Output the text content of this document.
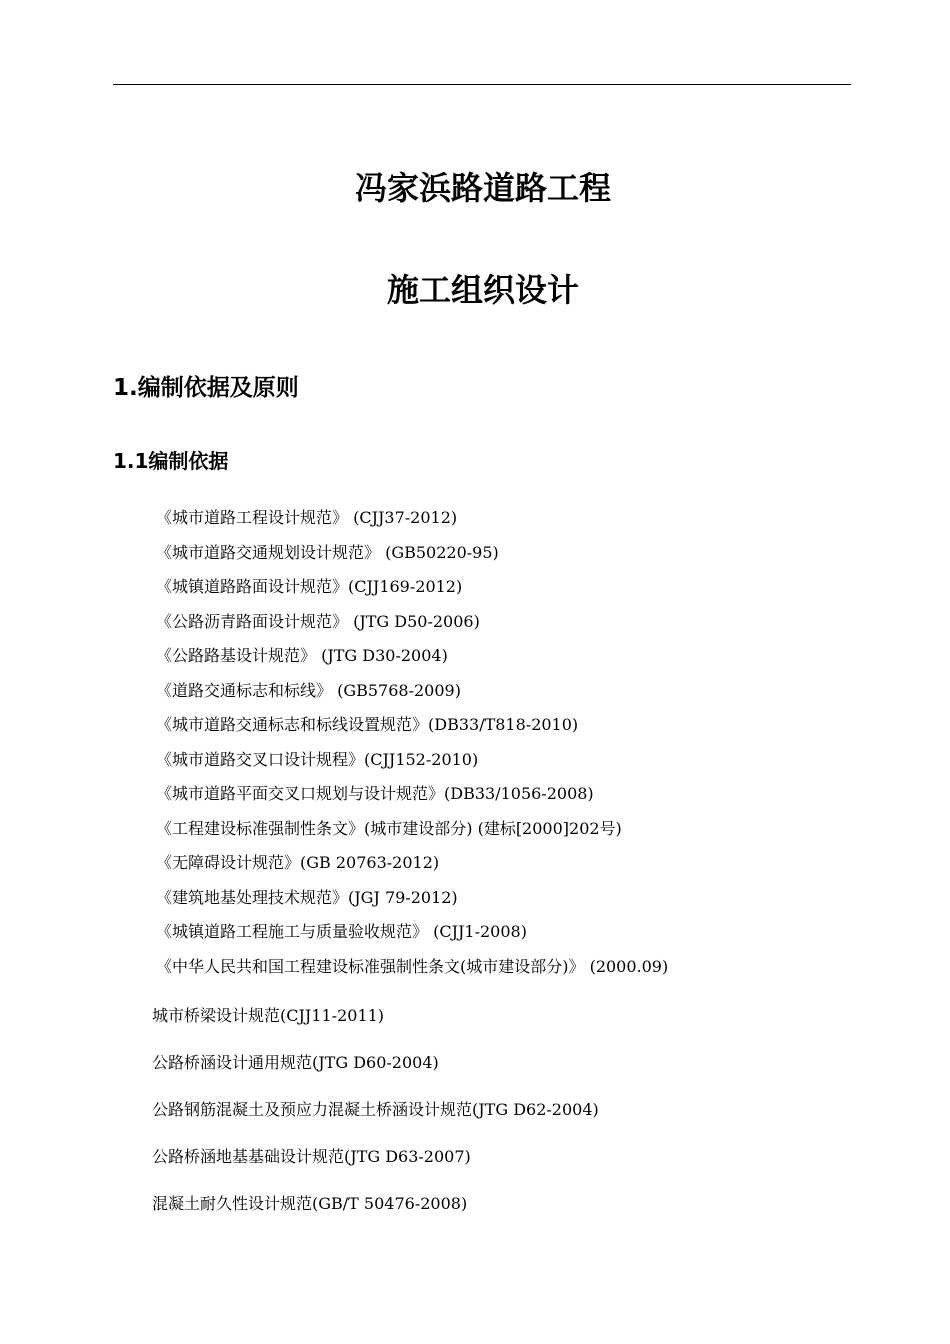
冯家浜路道路工程
施工组织设计
1.编制依据及原则
1.1编制依据
《城市道路工程设计规范》 (CJJ37-2012)
《城市道路交通规划设计规范》 (GB50220-95)
《城镇道路路面设计规范》(CJJ169-2012)
《公路沥青路面设计规范》 (JTG D50-2006)
《公路路基设计规范》 (JTG D30-2004)
《道路交通标志和标线》 (GB5768-2009)
《城市道路交通标志和标线设置规范》(DB33/T818-2010)
《城市道路交叉口设计规程》(CJJ152-2010)
《城市道路平面交叉口规划与设计规范》(DB33/1056-2008)
《工程建设标准强制性条文》(城市建设部分) (建标[2000]202号)
《无障碍设计规范》(GB 20763-2012)
《建筑地基处理技术规范》(JGJ 79-2012)
《城镇道路工程施工与质量验收规范》 (CJJ1-2008)
《中华人民共和国工程建设标准强制性条文(城市建设部分)》 (2000.09)
城市桥梁设计规范(CJJ11-2011)
公路桥涵设计通用规范(JTG D60-2004)
公路钢筋混凝土及预应力混凝土桥涵设计规范(JTG D62-2004)
公路桥涵地基基础设计规范(JTG D63-2007)
混凝土耐久性设计规范(GB/T 50476-2008)
